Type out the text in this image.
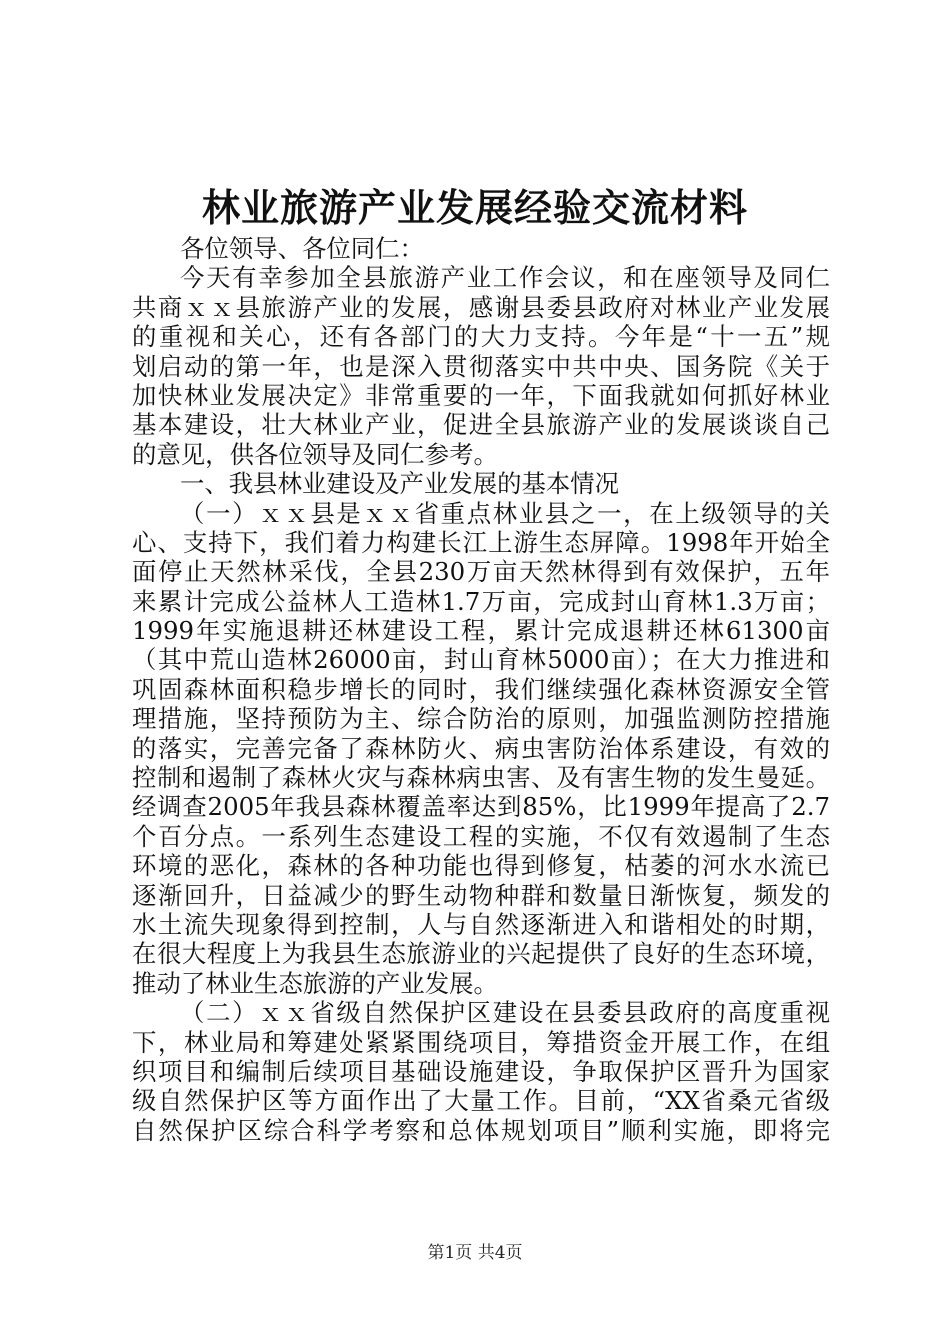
林业旅游产业发展经验交流材料
各位领导、各位同仁：
今天有幸参加全县旅游产业工作会议，和在座领导及同仁
共商ｘｘ县旅游产业的发展，感谢县委县政府对林业产业发展
的重视和关心，还有各部门的大力支持。今年是“十一五”规
划启动的第一年，也是深入贯彻落实中共中央、国务院《关于
加快林业发展决定》非常重要的一年，下面我就如何抓好林业
基本建设，壮大林业产业，促进全县旅游产业的发展谈谈自己
的意见，供各位领导及同仁参考。
一、我县林业建设及产业发展的基本情况
（一）ｘｘ县是ｘｘ省重点林业县之一，在上级领导的关
心、支持下，我们着力构建长江上游生态屏障。1998年开始全
面停止天然林采伐，全县230万亩天然林得到有效保护，五年
来累计完成公益林人工造林1.7万亩，完成封山育林1.3万亩；
1999年实施退耕还林建设工程，累计完成退耕还林61300亩
（其中荒山造林26000亩，封山育林5000亩）；在大力推进和
巩固森林面积稳步增长的同时，我们继续强化森林资源安全管
理措施，坚持预防为主、综合防治的原则，加强监测防控措施
的落实，完善完备了森林防火、病虫害防治体系建设，有效的
控制和遏制了森林火灾与森林病虫害、及有害生物的发生曼延。
经调查2005年我县森林覆盖率达到85%，比1999年提高了2.7
个百分点。一系列生态建设工程的实施，不仅有效遏制了生态
环境的恶化，森林的各种功能也得到修复，枯萎的河水水流已
逐渐回升，日益减少的野生动物种群和数量日渐恢复，频发的
水土流失现象得到控制，人与自然逐渐进入和谐相处的时期，
在很大程度上为我县生态旅游业的兴起提供了良好的生态环境，
推动了林业生态旅游的产业发展。
（二）ｘｘ省级自然保护区建设在县委县政府的高度重视
下，林业局和筹建处紧紧围绕项目，筹措资金开展工作，在组
织项目和编制后续项目基础设施建设，争取保护区晋升为国家
级自然保护区等方面作出了大量工作。目前，“XX省桑元省级
自然保护区综合科学考察和总体规划项目”顺利实施，即将完
第1页 共4页
